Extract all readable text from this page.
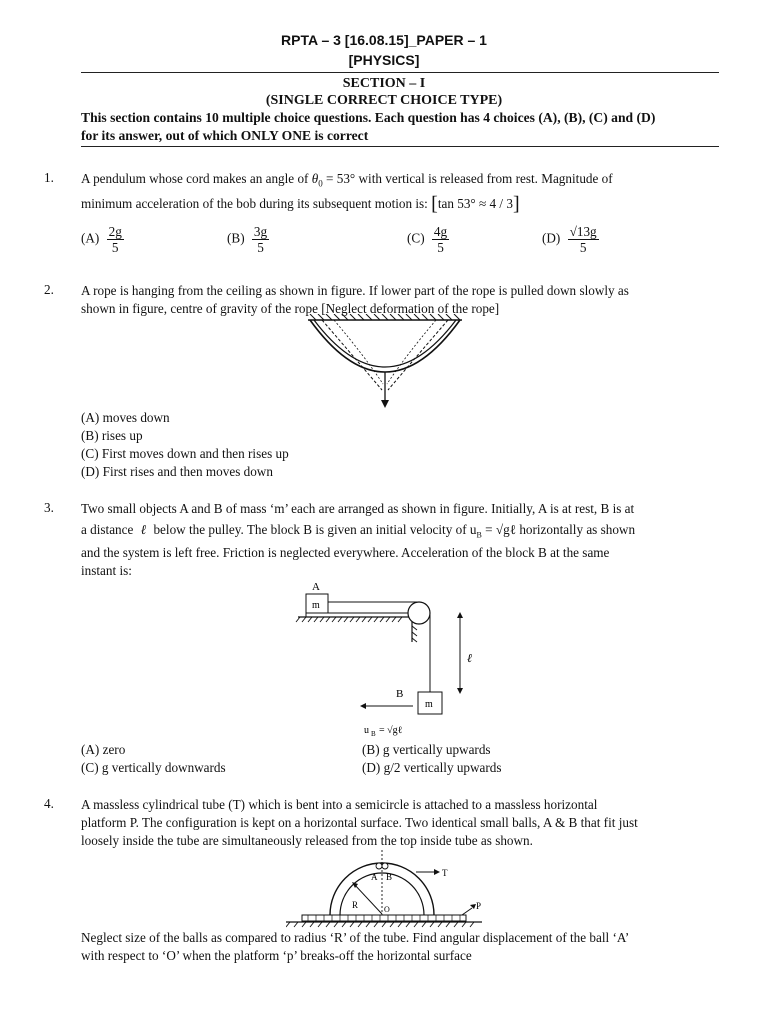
RPTA – 3 [16.08.15]_PAPER – 1
[PHYSICS]
SECTION – I
(SINGLE CORRECT CHOICE TYPE)
This section contains 10 multiple choice questions. Each question has 4 choices (A), (B), (C) and (D)
for its answer, out of which ONLY ONE is correct
1. A pendulum whose cord makes an angle of $\theta_0 = 53^\circ$ with vertical is released from rest. Magnitude of
minimum acceleration of the bob during its subsequent motion is: [tan 53° ≈ 4 / 3]
$(A) \frac{2g}{5}$	$(B) \frac{3g}{5}$	$(C) \frac{4g}{5}$	$(D) \frac{√13g}{5}$
2. A rope is hanging from the ceiling as shown in figure. If lower part of the rope is pulled down slowly as
shown in figure, centre of gravity of the rope [Neglect deformation of the rope]
(A) moves down
(B) rises up
(C) First moves down and then rises up
(D) First rises and then moves down
3. Two small objects A and B of mass ‘m’ each are arranged as shown in figure. Initially, A is at rest, B is at
a distance ℓ below the pulley. The block B is given an initial velocity of $u_B$ = √gℓ horizontally as shown
and the system is left free. Friction is neglected everywhere. Acceleration of the block B at the same
instant is:
A
m
m
B
ℓ
u B = √gℓ
(A) zero	(B) g vertically upwards
(C) g vertically downwards	(D) g/2 vertically upwards
4. A massless cylindrical tube (T) which is bent into a semicircle is attached to a massless horizontal
platform P. The configuration is kept on a horizontal surface. Two identical small balls, A & B that fit just
loosely inside the tube are simultaneously released from the top inside tube as shown.
A B
R	O
T
P
Neglect size of the balls as compared to radius ‘R’ of the tube. Find angular displacement of the ball ‘A’
with respect to ‘O’ when the platform ‘p’ breaks-off the horizontal surface
